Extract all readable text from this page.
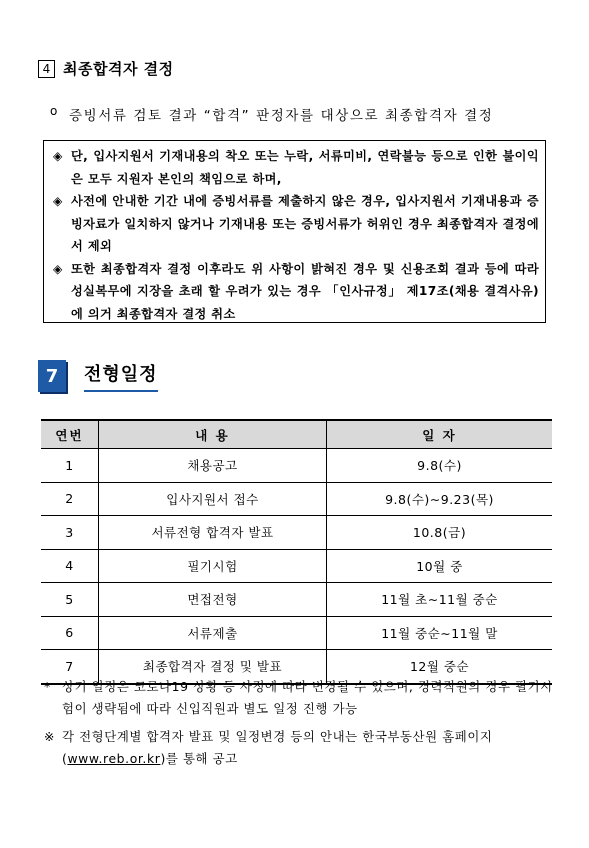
4 최종합격자 결정
o 증빙서류 검토 결과 “합격” 판정자를 대상으로 최종합격자 결정
◈ 단, 입사지원서 기재내용의 착오 또는 누락, 서류미비, 연락불능 등으로 인한 불이익은 모두 지원자 본인의 책임으로 하며,
◈ 사전에 안내한 기간 내에 증빙서류를 제출하지 않은 경우, 입사지원서 기재내용과 증빙자료가 일치하지 않거나 기재내용 또는 증빙서류가 허위인 경우 최종합격자 결정에서 제외
◈ 또한 최종합격자 결정 이후라도 위 사항이 밝혀진 경우 및 신용조회 결과 등에 따라 성실복무에 지장을 초래 할 우려가 있는 경우 「인사규정」 제17조(채용 결격사유)에 의거 최종합격자 결정 취소
7	전형일정
연번	내 용	일 자
1	채용공고	9.8(수)
2	입사지원서 접수	9.8(수)∼9.23(목)
3	서류전형 합격자 발표	10.8(금)
4	필기시험	10월 중
5	면접전형	11월 초∼11월 중순
6	서류제출	11월 중순∼11월 말
7	최종합격자 결정 및 발표	12월 중순
* 상기 일정은 코로나19 상황 등 사정에 따라 변경될 수 있으며, 경력직원의 경우 필기시험이 생략됨에 따라 신입직원과 별도 일정 진행 가능
※ 각 전형단계별 합격자 발표 및 일정변경 등의 안내는 한국부동산원 홈페이지 (www.reb.or.kr)를 통해 공고
